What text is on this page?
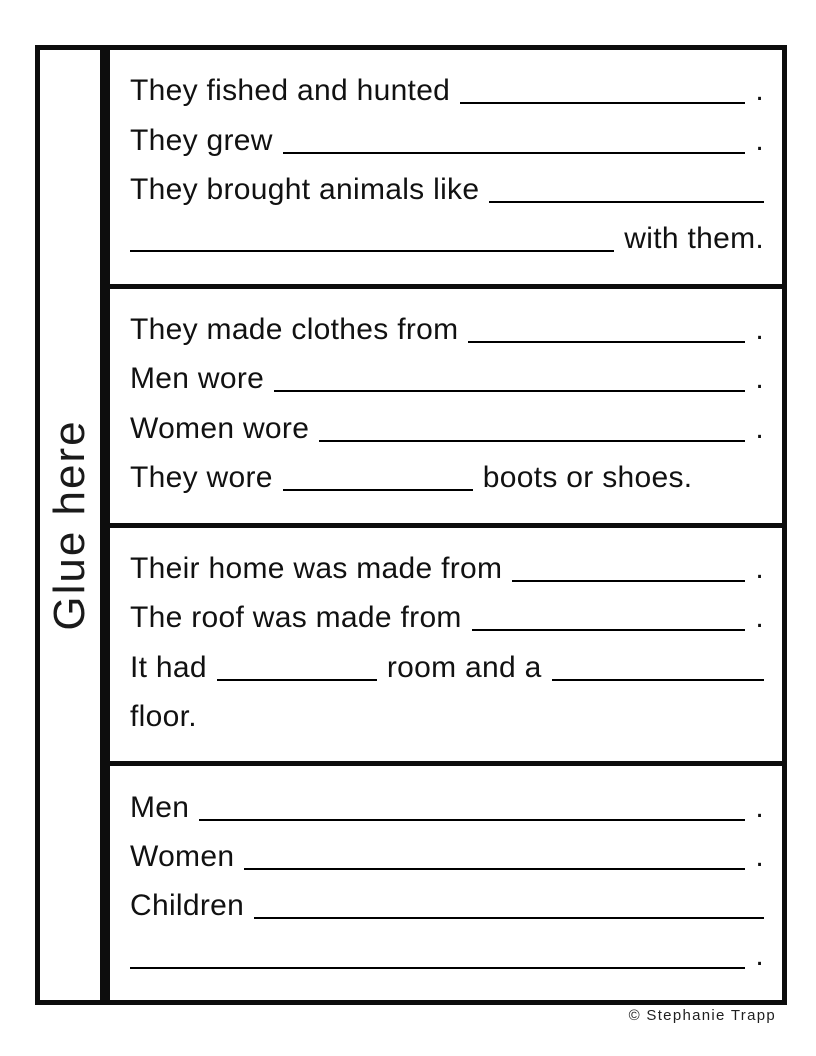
Glue here
They fished and hunted	.
They grew	.
They brought animals like
with them.
They made clothes from	.
Men wore	.
Women wore	.
They wore	boots or shoes.
Their home was made from	.
The roof was made from	.
It had	room and a
floor.
Men	.
Women	.
Children
.
© Stephanie Trapp
